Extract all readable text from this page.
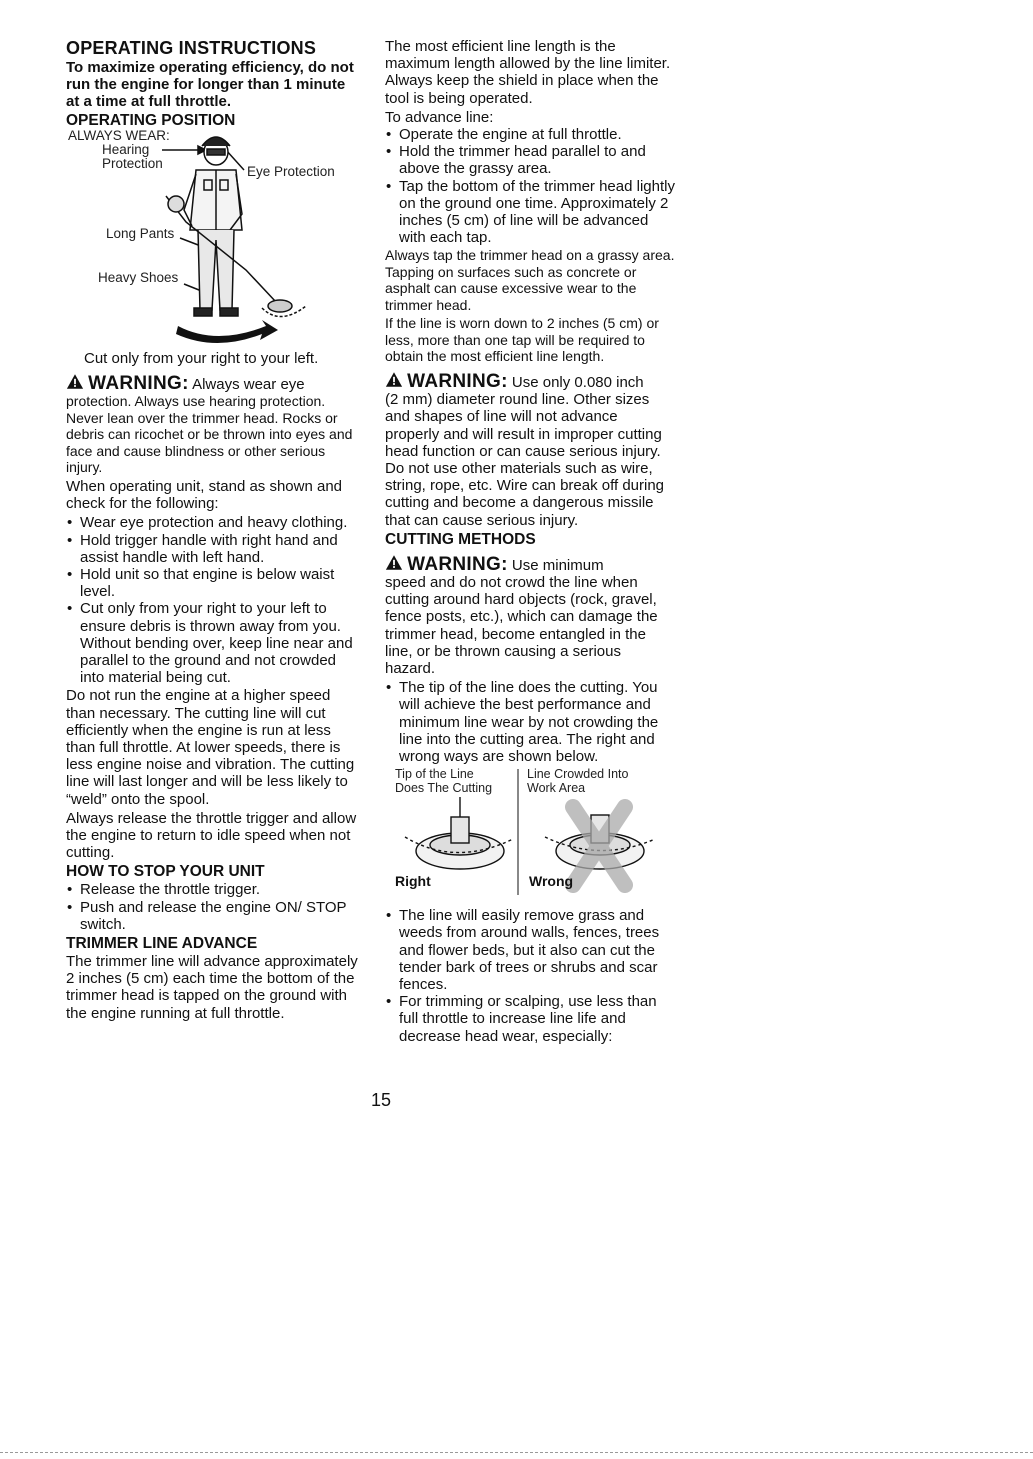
OPERATING INSTRUCTIONS
To maximize operating efficiency, do not run the engine for longer than 1 minute at a time at full throttle.
OPERATING POSITION
ALWAYS WEAR:
Hearing
Protection
Eye Protection
Long Pants
Heavy Shoes

Cut only from your right to your left.

WARNING: Always wear eye
protection. Always use hearing protection. Never lean over the trimmer head. Rocks or debris can ricochet or be thrown into eyes and face and cause blindness or other serious injury.

When operating unit, stand as shown and check for the following:

• Wear eye protection and heavy clothing.
• Hold trigger handle with right hand and assist handle with left hand.
• Hold unit so that engine is below waist level.
• Cut only from your right to your left to ensure debris is thrown away from you. Without bending over, keep line near and parallel to the ground and not crowded into material being cut.

Do not run the engine at a higher speed than necessary. The cutting line will cut efficiently when the engine is run at less than full throttle. At lower speeds, there is less engine noise and vibration. The cutting line will last longer and will be less likely to “weld” onto the spool.

Always release the throttle trigger and allow the engine to return to idle speed when not cutting.

HOW TO STOP YOUR UNIT
• Release the throttle trigger.
• Push and release the engine ON/ STOP switch.
TRIMMER LINE ADVANCE

The trimmer line will advance approximately 2 inches (5 cm) each time the bottom of the trimmer head is tapped on the ground with the engine running at full throttle.

The most efficient line length is the maximum length allowed by the line limiter. Always keep the shield in place when the tool is being operated.

To advance line:

• Operate the engine at full throttle.
• Hold the trimmer head parallel to and above the grassy area.
• Tap the bottom of the trimmer head lightly on the ground one time. Approximately 2 inches (5 cm) of line will be advanced with each tap.

Always tap the trimmer head on a grassy area. Tapping on surfaces such as concrete or asphalt can cause excessive wear to the trimmer head.

If the line is worn down to 2 inches (5 cm) or less, more than one tap will be required to obtain the most efficient line length.

WARNING: Use only 0.080 inch
(2 mm) diameter round line. Other sizes and shapes of line will not advance properly and will result in improper cutting head function or can cause serious injury. Do not use other materials such as wire, string, rope, etc. Wire can break off during cutting and become a dangerous missile that can cause serious injury.
CUTTING METHODS
WARNING: Use minimum
speed and do not crowd the line when cutting around hard objects (rock, gravel, fence posts, etc.), which can damage the trimmer head, become entangled in the line, or be thrown causing a serious hazard.
• The tip of the line does the cutting. You will achieve the best performance and minimum line wear by not crowding the line into the cutting area. The right and wrong ways are shown below.
Tip of the Line
Does The Cutting
Line Crowded Into
Work Area
Right	Wrong
• The line will easily remove grass and weeds from around walls, fences, trees and flower beds, but it also can cut the tender bark of trees or shrubs and scar fences.
• For trimming or scalping, use less than full throttle to increase line life and decrease head wear, especially:
15
